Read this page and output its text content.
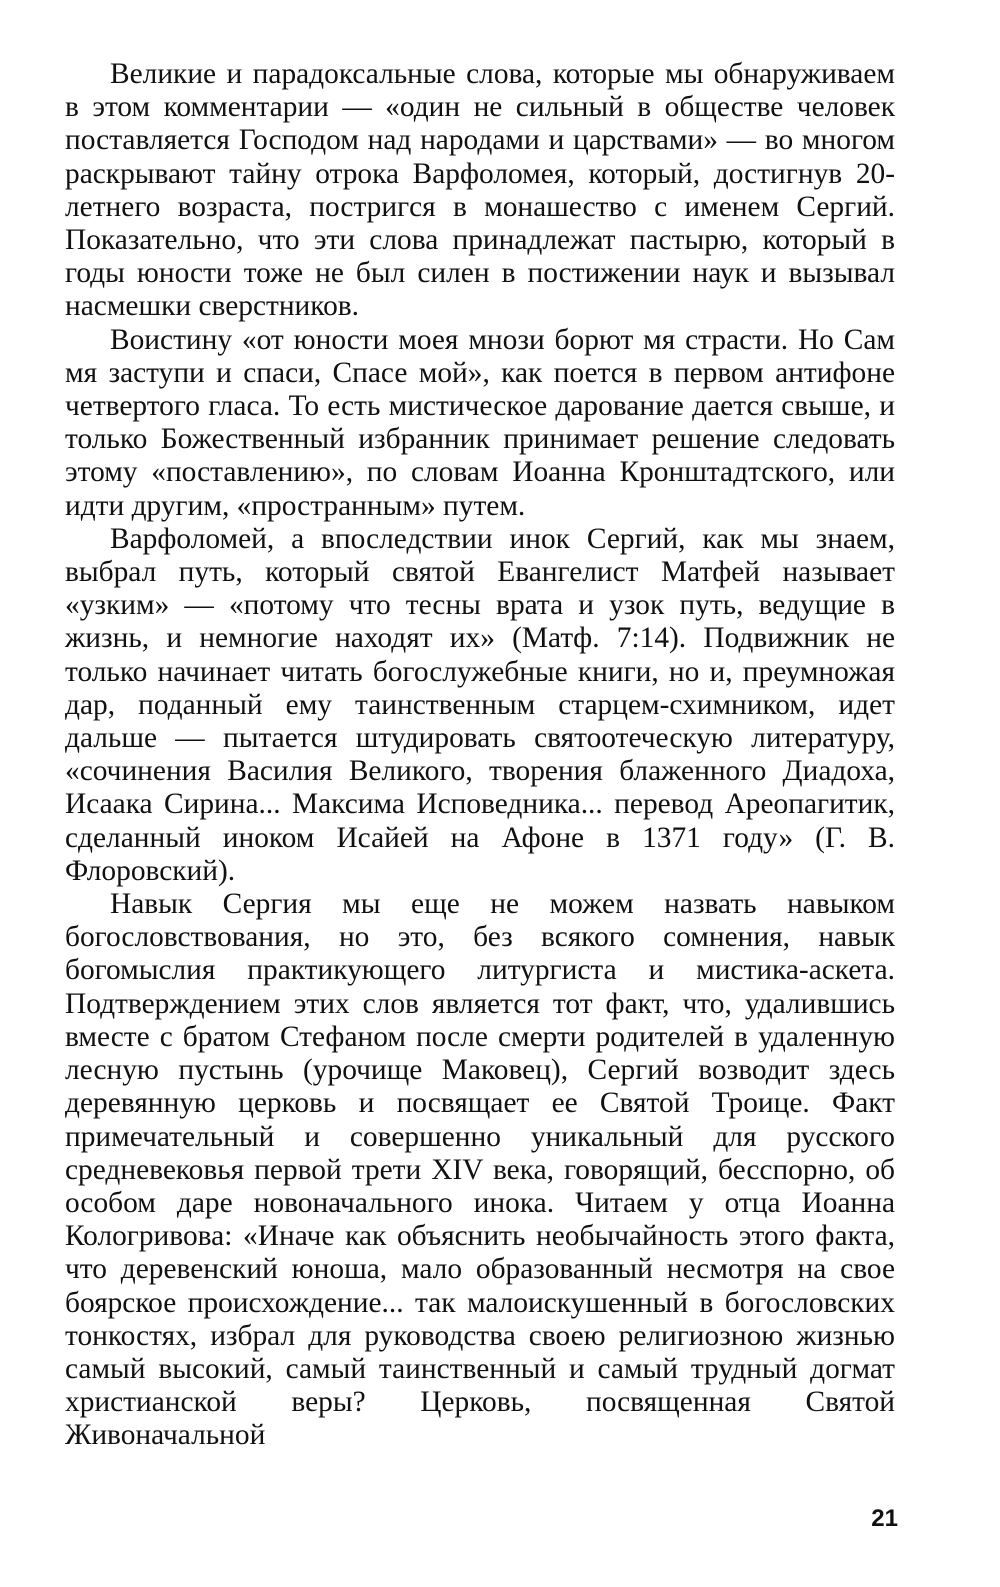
Великие и парадоксальные слова, которые мы обнаруживаем в этом комментарии — «один не сильный в обществе человек поставляется Господом над народами и царствами» — во многом раскрывают тайну отрока Варфоломея, который, достигнув 20-летнего возраста, постригся в монашество с именем Сергий. Показательно, что эти слова принадлежат пастырю, который в годы юности тоже не был силен в постижении наук и вызывал насмешки сверстников.

Воистину «от юности моея мнози борют мя страсти. Но Сам мя заступи и спаси, Спасе мой», как поется в первом антифоне четвертого гласа. То есть мистическое дарование дается свыше, и только Божественный избранник принимает решение следовать этому «поставлению», по словам Иоанна Кронштадтского, или идти другим, «пространным» путем.

Варфоломей, а впоследствии инок Сергий, как мы знаем, выбрал путь, который святой Евангелист Матфей называет «узким» — «потому что тесны врата и узок путь, ведущие в жизнь, и немногие находят их» (Матф. 7:14). Подвижник не только начинает читать богослужебные книги, но и, преумножая дар, поданный ему таинственным старцем-схимником, идет дальше — пытается штудировать святоотеческую литературу, «сочинения Василия Великого, творения блаженного Диадоха, Исаака Сирина... Максима Исповедника... перевод Ареопагитик, сделанный иноком Исайей на Афоне в 1371 году» (Г. В. Флоровский).

Навык Сергия мы еще не можем назвать навыком богословствования, но это, без всякого сомнения, навык богомыслия практикующего литургиста и мистика-аскета. Подтверждением этих слов является тот факт, что, удалившись вместе с братом Стефаном после смерти родителей в удаленную лесную пустынь (урочище Маковец), Сергий возводит здесь деревянную церковь и посвящает ее Святой Троице. Факт примечательный и совершенно уникальный для русского средневековья первой трети XIV века, говорящий, бесспорно, об особом даре новоначального инока. Читаем у отца Иоанна Кологривова: «Иначе как объяснить необычайность этого факта, что деревенский юноша, мало образованный несмотря на свое боярское происхождение... так малоискушенный в богословских тонкостях, избрал для руководства своею религиозною жизнью самый высокий, самый таинственный и самый трудный догмат христианской веры? Церковь, посвященная Святой Живоначальной

21
